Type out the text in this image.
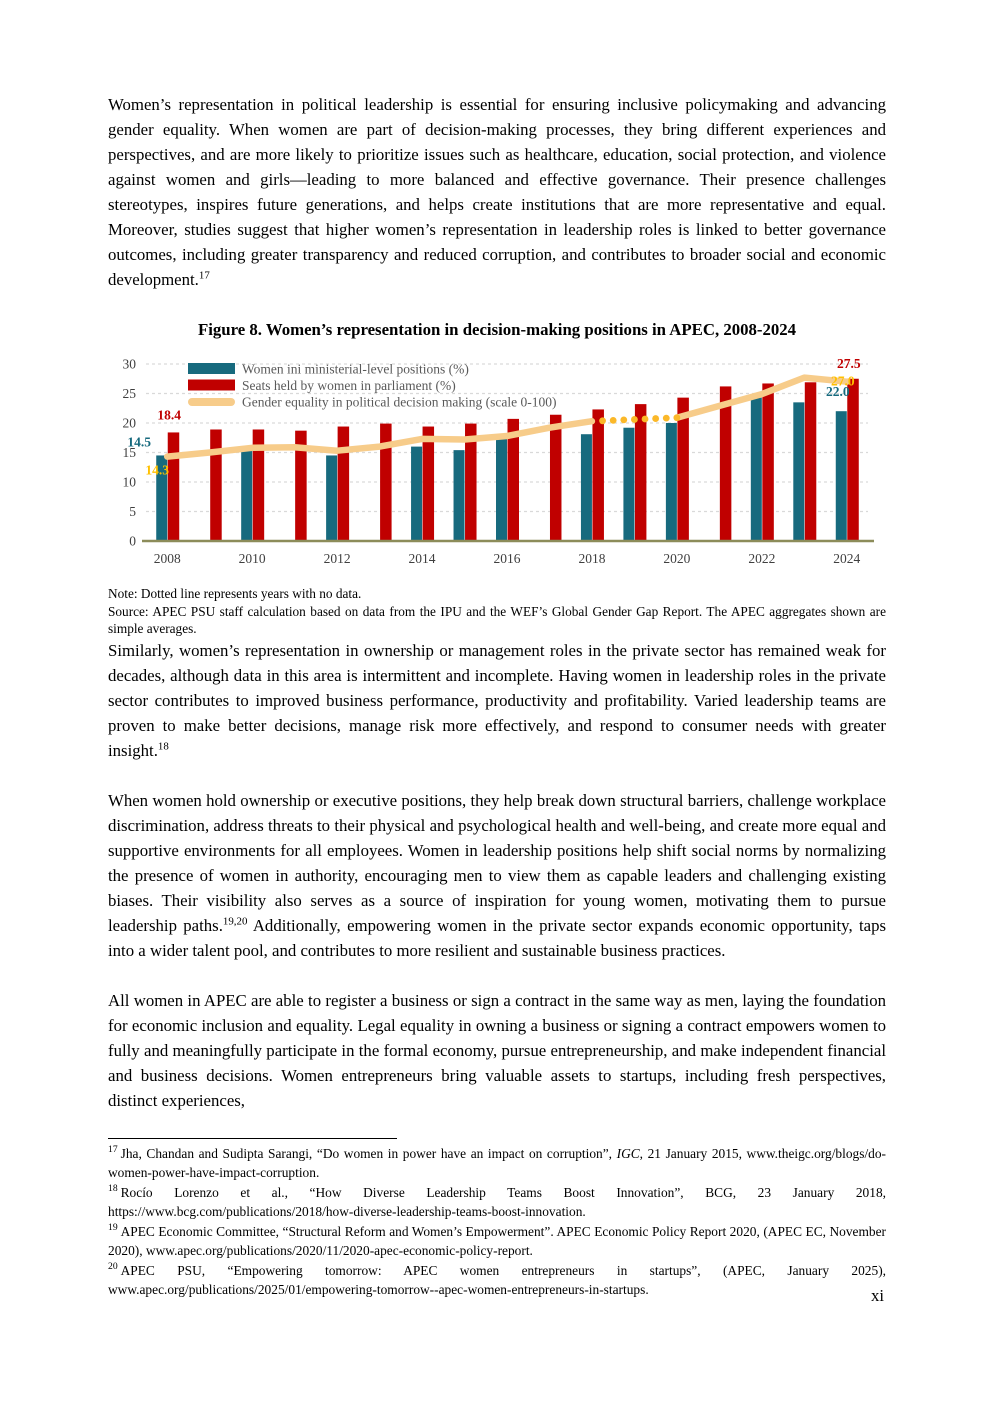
Women’s representation in political leadership is essential for ensuring inclusive policymaking and advancing gender equality. When women are part of decision-making processes, they bring different experiences and perspectives, and are more likely to prioritize issues such as healthcare, education, social protection, and violence against women and girls—leading to more balanced and effective governance. Their presence challenges stereotypes, inspires future generations, and helps create institutions that are more representative and equal. Moreover, studies suggest that higher women’s representation in leadership roles is linked to better governance outcomes, including greater transparency and reduced corruption, and contributes to broader social and economic development.$^{17}$

Figure 8. Women’s representation in decision-making positions in APEC, 2008-2024
0
5
10
15
20
25
30
2008	2010	2012	2014	2016	2018	2020	2022	2024
Women ini ministerial-level positions (%)
Seats held by women in parliament (%)
Gender equality in political decision making (scale 0-100)
18.4
14.5
14.3
27.5
27.0
22.0

Note: Dotted line represents years with no data.

Source: APEC PSU staff calculation based on data from the IPU and the WEF’s Global Gender Gap Report. The APEC aggregates shown are simple averages.

Similarly, women’s representation in ownership or management roles in the private sector has remained weak for decades, although data in this area is intermittent and incomplete. Having women in leadership roles in the private sector contributes to improved business performance, productivity and profitability. Varied leadership teams are proven to make better decisions, manage risk more effectively, and respond to consumer needs with greater insight.$^{18}$

When women hold ownership or executive positions, they help break down structural barriers, challenge workplace discrimination, address threats to their physical and psychological health and well-being, and create more equal and supportive environments for all employees. Women in leadership positions help shift social norms by normalizing the presence of women in authority, encouraging men to view them as capable leaders and challenging existing biases. Their visibility also serves as a source of inspiration for young women, motivating them to pursue leadership paths.$^{19,20}$ Additionally, empowering women in the private sector expands economic opportunity, taps into a wider talent pool, and contributes to more resilient and sustainable business practices.

All women in APEC are able to register a business or sign a contract in the same way as men, laying the foundation for economic inclusion and equality. Legal equality in owning a business or signing a contract empowers women to fully and meaningfully participate in the formal economy, pursue entrepreneurship, and make independent financial and business decisions. Women entrepreneurs bring valuable assets to startups, including fresh perspectives, distinct experiences,

$^{17}$ Jha, Chandan and Sudipta Sarangi, “Do women in power have an impact on corruption”, IGC, 21 January 2015, www.theigc.org/blogs/do-women-power-have-impact-corruption.

$^{18}$ Rocío Lorenzo et al., “How Diverse Leadership Teams Boost Innovation”, BCG, 23 January 2018, https://www.bcg.com/publications/2018/how-diverse-leadership-teams-boost-innovation.

$^{19}$ APEC Economic Committee, “Structural Reform and Women’s Empowerment”. APEC Economic Policy Report 2020, (APEC EC, November 2020), www.apec.org/publications/2020/11/2020-apec-economic-policy-report.

$^{20}$ APEC PSU, “Empowering tomorrow: APEC women entrepreneurs in startups”, (APEC, January 2025), www.apec.org/publications/2025/01/empowering-tomorrow--apec-women-entrepreneurs-in-startups.	xi
